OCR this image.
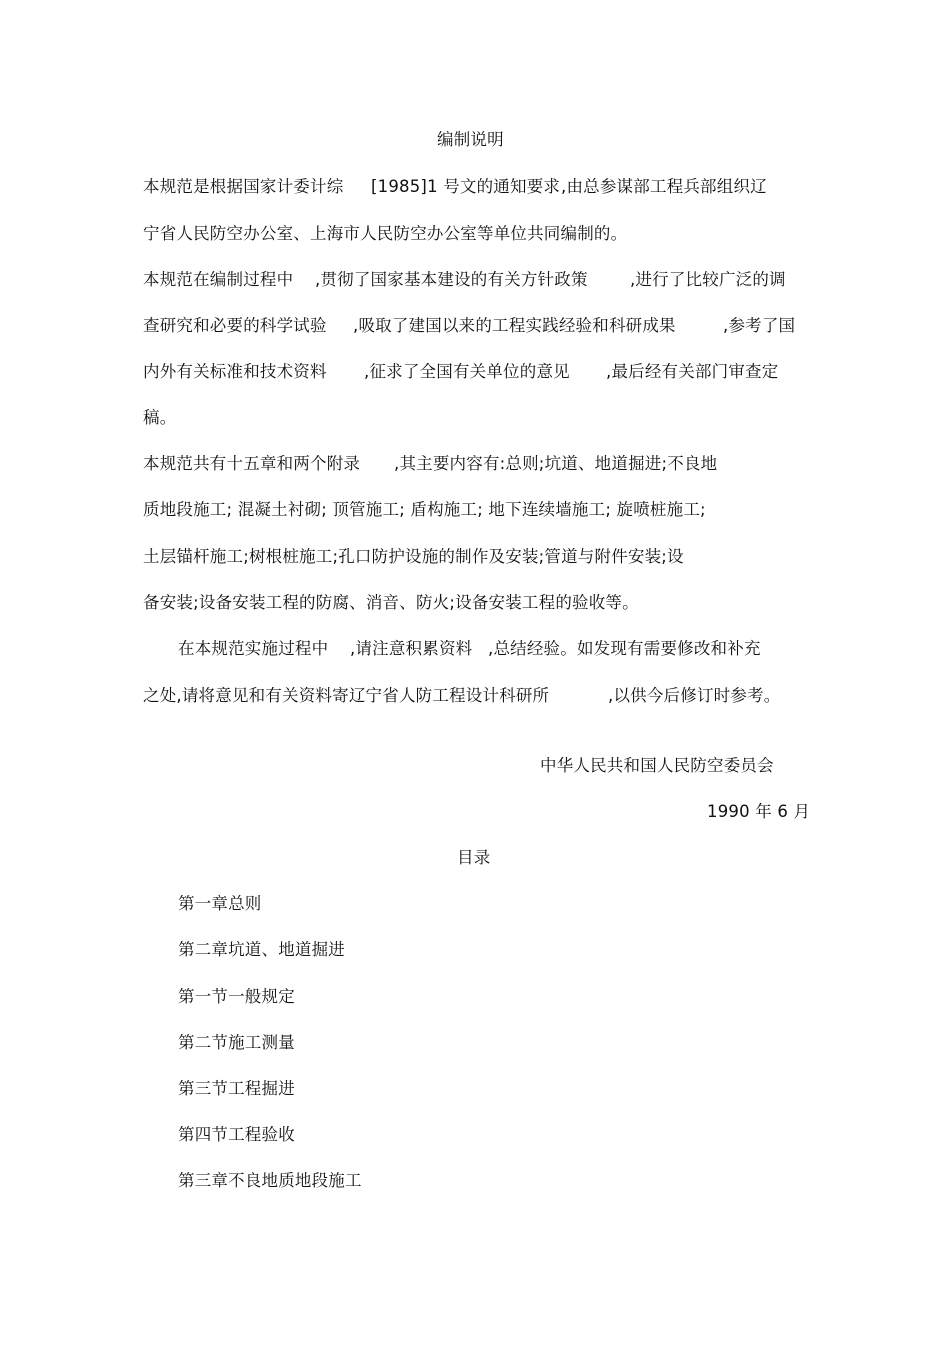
编制说明
本规范是根据国家计委计综 [1985]1 号文的通知要求 ,由总参谋部工程兵部组织辽
宁省人民防空办公室、上海市人民防空办公室等单位共同编制的。
本规范在编制过程中 ,贯彻了国家基本建设的有关方针政策	,进行了比较广泛的调
查研究和必要的科学试验 ,吸取了建国以来的工程实践经验和科研成果	,参考了国
内外有关标准和技术资料 ,征求了全国有关单位的意见 ,最后经有关部门审查定
稿。
本规范共有十五章和两个附录 ,其主要内容有:总则;坑道、地道掘进;不良地
质地段施工; 混凝土衬砌; 顶管施工; 盾构施工; 地下连续墙施工; 旋喷桩施工;
土层锚杆施工;树根桩施工;孔口防护设施的制作及安装;管道与附件安装;设
备安装;设备安装工程的防腐、消音、防火;设备安装工程的验收等。
在本规范实施过程中 ,请注意积累资料 ,总结经验。如发现有需要修改和补充
之处,请将意见和有关资料寄辽宁省人防工程设计科研所	,以供今后修订时参考。
中华人民共和国人民防空委员会
1990 年 6 月
目录
第一章总则
第二章坑道、地道掘进
第一节一般规定
第二节施工测量
第三节工程掘进
第四节工程验收
第三章不良地质地段施工
